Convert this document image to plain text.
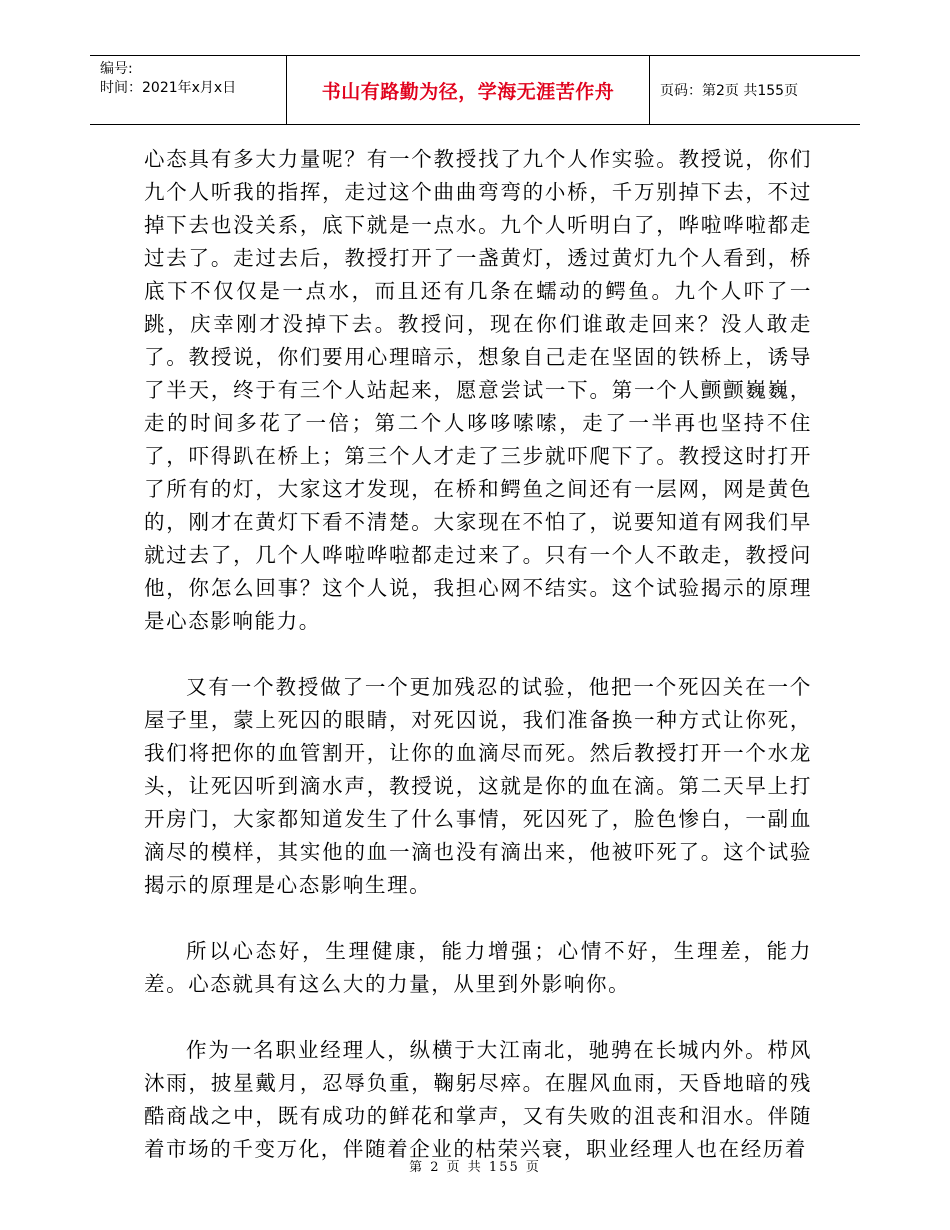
编号:
时间：2021年x月x日	书山有路勤为径，学海无涯苦作舟	页码：第2页 共155页

心态具有多大力量呢？有一个教授找了九个人作实验。教授说，你们九个人听我的指挥，走过这个曲曲弯弯的小桥，千万别掉下去，不过掉下去也没关系，底下就是一点水。九个人听明白了，哗啦哗啦都走过去了。走过去后，教授打开了一盏黄灯，透过黄灯九个人看到，桥底下不仅仅是一点水，而且还有几条在蠕动的鳄鱼。九个人吓了一跳，庆幸刚才没掉下去。教授问，现在你们谁敢走回来？没人敢走了。教授说，你们要用心理暗示，想象自己走在坚固的铁桥上，诱导了半天，终于有三个人站起来，愿意尝试一下。第一个人颤颤巍巍，走的时间多花了一倍；第二个人哆哆嗦嗦，走了一半再也坚持不住了，吓得趴在桥上；第三个人才走了三步就吓爬下了。教授这时打开了所有的灯，大家这才发现，在桥和鳄鱼之间还有一层网，网是黄色的，刚才在黄灯下看不清楚。大家现在不怕了，说要知道有网我们早就过去了，几个人哗啦哗啦都走过来了。只有一个人不敢走，教授问他，你怎么回事？这个人说，我担心网不结实。这个试验揭示的原理是心态影响能力。

又有一个教授做了一个更加残忍的试验，他把一个死囚关在一个屋子里，蒙上死囚的眼睛，对死囚说，我们准备换一种方式让你死，我们将把你的血管割开，让你的血滴尽而死。然后教授打开一个水龙头，让死囚听到滴水声，教授说，这就是你的血在滴。第二天早上打开房门，大家都知道发生了什么事情，死囚死了，脸色惨白，一副血滴尽的模样，其实他的血一滴也没有滴出来，他被吓死了。这个试验揭示的原理是心态影响生理。

所以心态好，生理健康，能力增强；心情不好，生理差，能力差。心态就具有这么大的力量，从里到外影响你。

作为一名职业经理人，纵横于大江南北，驰骋在长城内外。栉风沐雨，披星戴月，忍辱负重，鞠躬尽瘁。在腥风血雨，天昏地暗的残酷商战之中，既有成功的鲜花和掌声，又有失败的沮丧和泪水。伴随着市场的千变万化，伴随着企业的枯荣兴衰，职业经理人也在经历着

第 2 页 共 155 页
